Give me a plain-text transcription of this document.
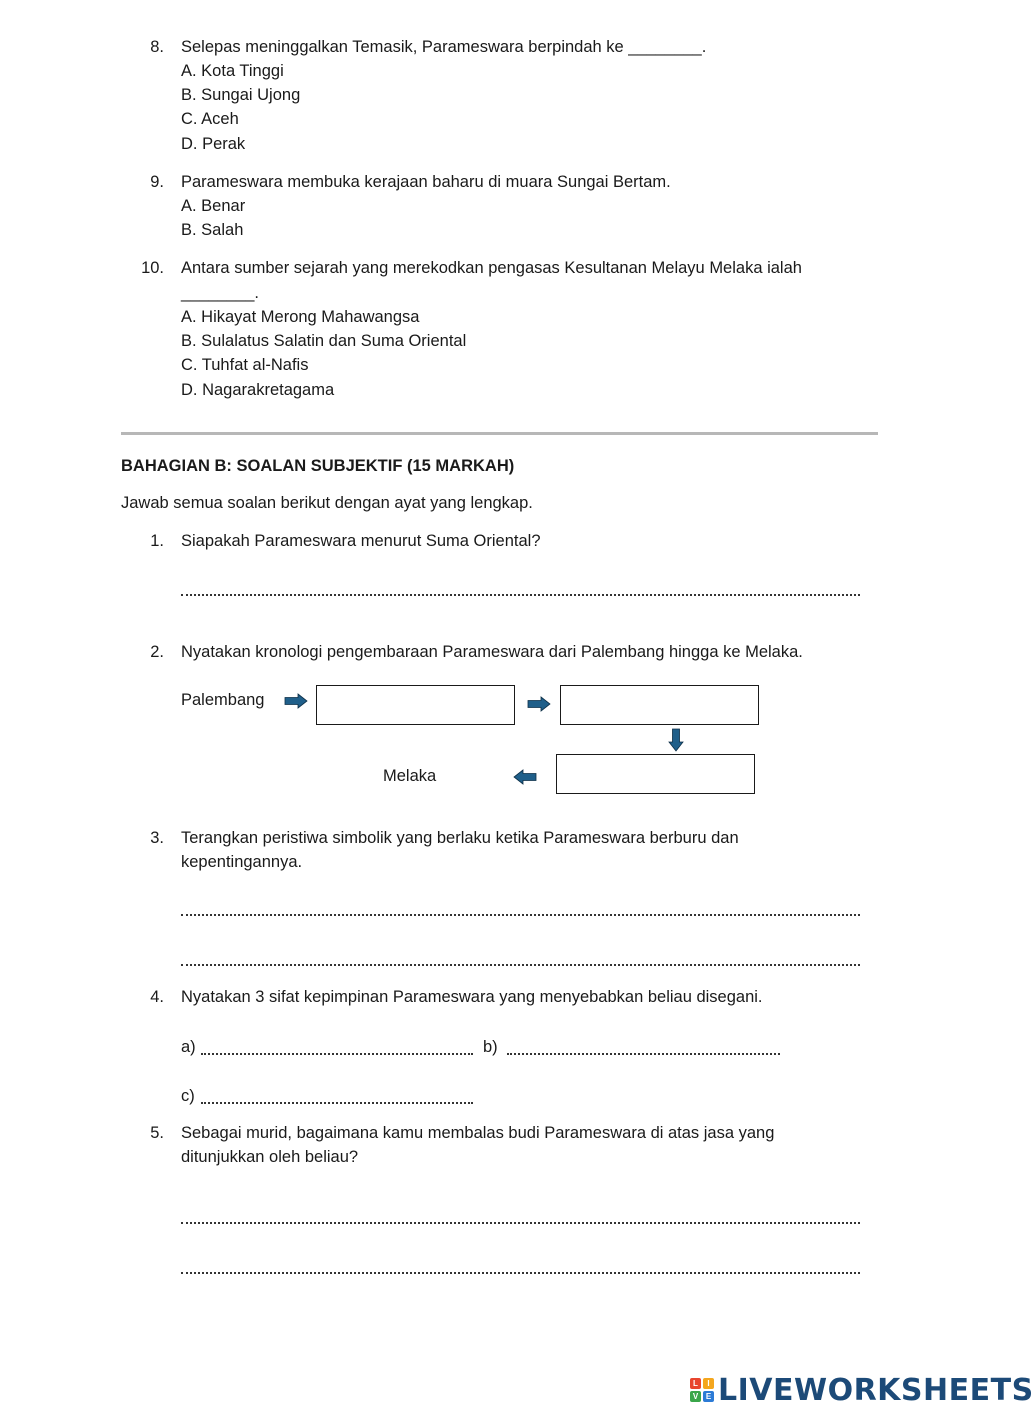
8. Selepas meninggalkan Temasik, Parameswara berpindah ke ________.
A. Kota Tinggi
B. Sungai Ujong
C. Aceh
D. Perak
9. Parameswara membuka kerajaan baharu di muara Sungai Bertam.
A. Benar
B. Salah
10. Antara sumber sejarah yang merekodkan pengasas Kesultanan Melayu Melaka ialah
________.
A. Hikayat Merong Mahawangsa
B. Sulalatus Salatin dan Suma Oriental
C. Tuhfat al-Nafis
D. Nagarakretagama
BAHAGIAN B: SOALAN SUBJEKTIF (15 MARKAH)
Jawab semua soalan berikut dengan ayat yang lengkap.
1. Siapakah Parameswara menurut Suma Oriental?
2. Nyatakan kronologi pengembaraan Parameswara dari Palembang hingga ke Melaka.
Palembang
Melaka
3. Terangkan peristiwa simbolik yang berlaku ketika Parameswara berburu dan
kepentingannya.
4. Nyatakan 3 sifat kepimpinan Parameswara yang menyebabkan beliau disegani.
a)	b)
c)
5. Sebagai murid, bagaimana kamu membalas budi Parameswara di atas jasa yang
ditunjukkan oleh beliau?
L	I
V E LIVEWORKSHEETS
